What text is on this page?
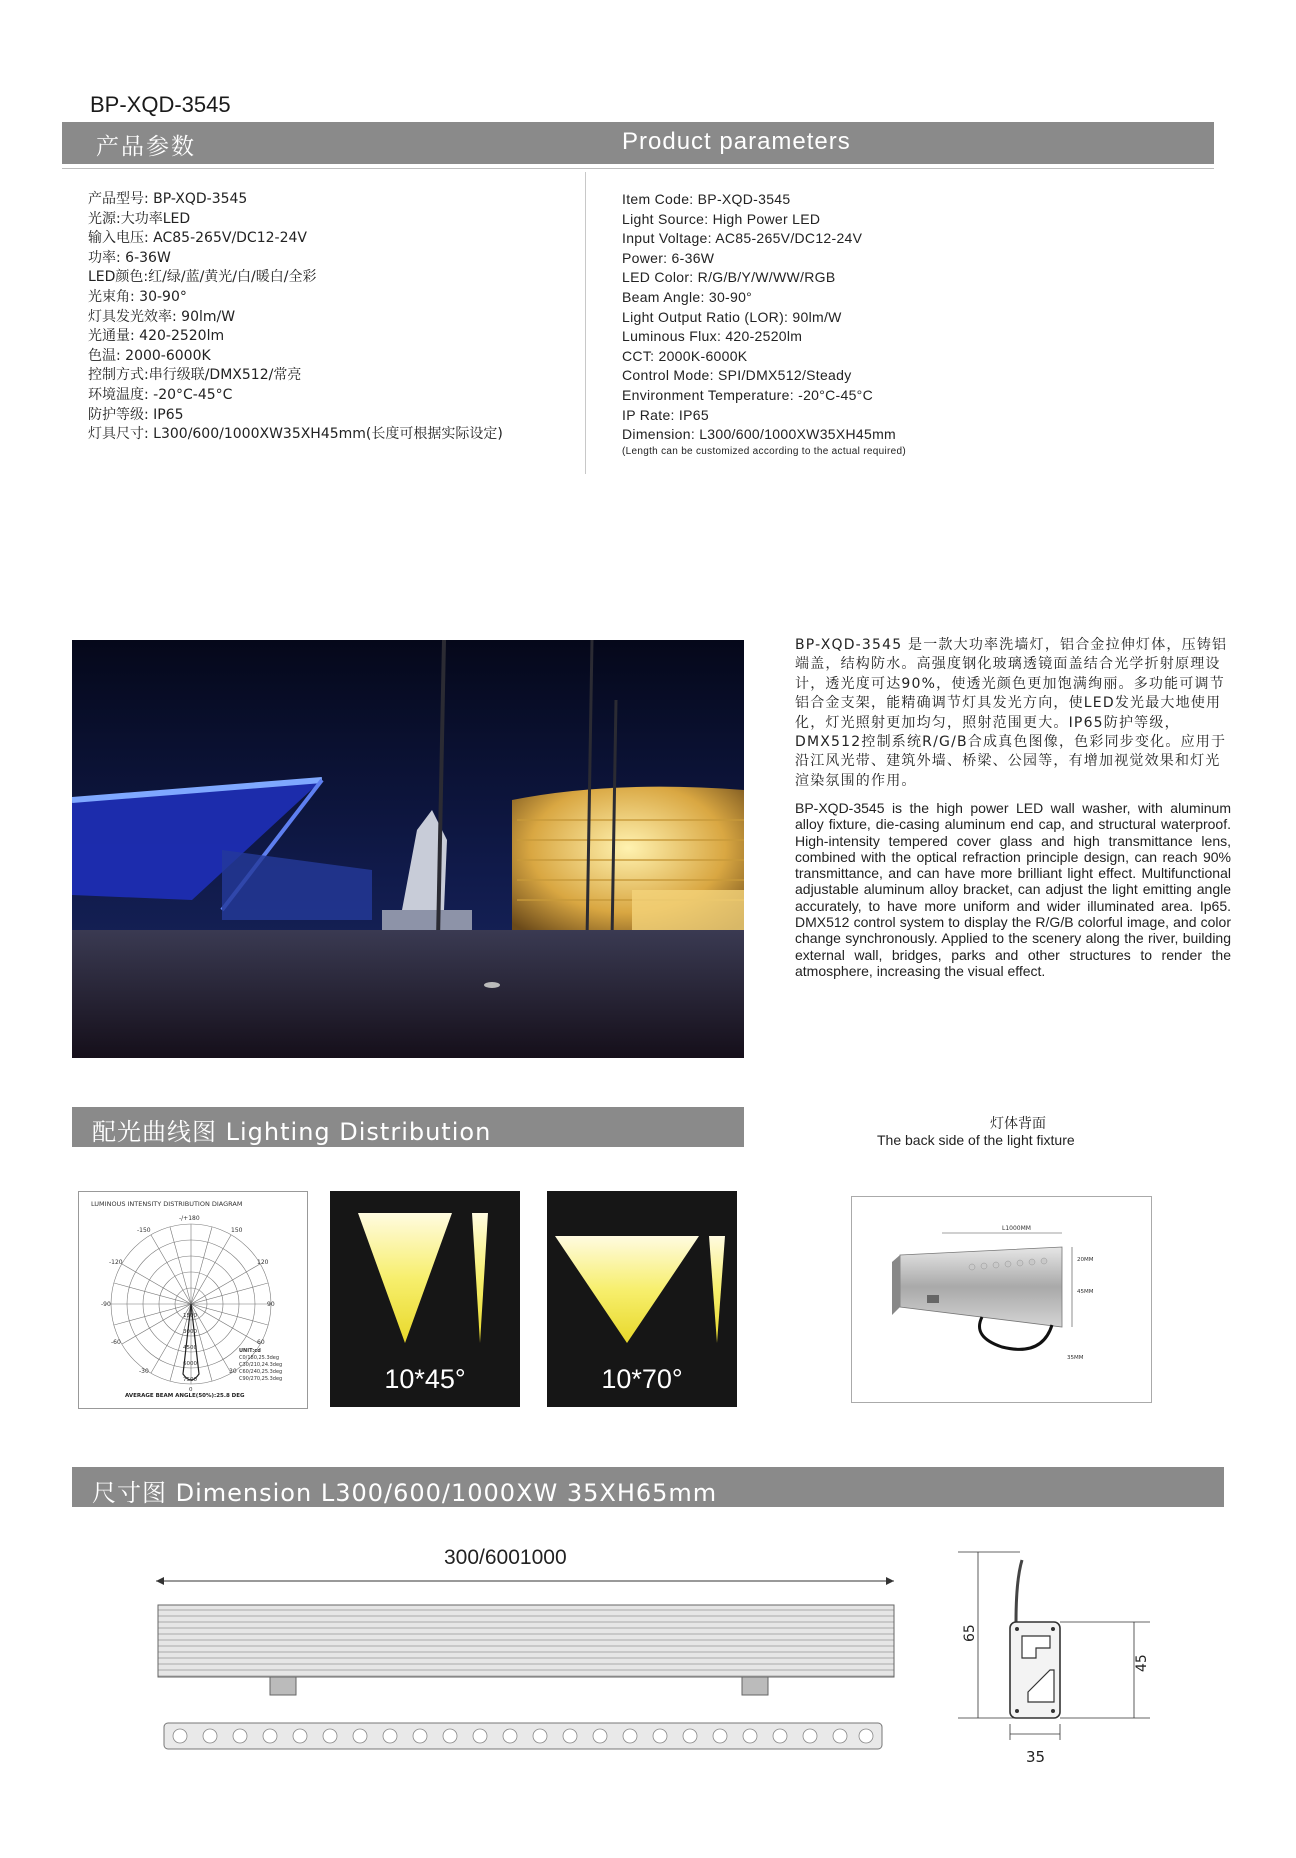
BP-XQD-3545
产品参数	Product parameters
产品型号: BP-XQD-3545
光源:大功率LED
输入电压: AC85-265V/DC12-24V
功率: 6-36W
LED颜色:红/绿/蓝/黄光/白/暖白/全彩
光束角: 30-90°
灯具发光效率: 90lm/W
光通量: 420-2520lm
色温: 2000-6000K
控制方式:串行级联/DMX512/常亮
环境温度: -20°C-45°C
防护等级: IP65
灯具尺寸: L300/600/1000XW35XH45mm(长度可根据实际设定)
Item Code: BP-XQD-3545
Light Source: High Power LED
Input Voltage: AC85-265V/DC12-24V
Power: 6-36W
LED Color: R/G/B/Y/W/WW/RGB
Beam Angle: 30-90°
Light Output Ratio (LOR): 90lm/W
Luminous Flux: 420-2520lm
CCT: 2000K-6000K
Control Mode: SPI/DMX512/Steady
Environment Temperature: -20°C-45°C
IP Rate: IP65
Dimension: L300/600/1000XW35XH45mm
(Length can be customized according to the actual required)
BP-XQD-3545 是一款大功率洗墙灯，铝合金拉伸灯体，压铸铝端盖，结构防水。高强度钢化玻璃透镜面盖结合光学折射原理设计，透光度可达90%，使透光颜色更加饱满绚丽。多功能可调节铝合金支架，能精确调节灯具发光方向，使LED发光最大地使用化，灯光照射更加均匀，照射范围更大。IP65防护等级，DMX512控制系统R/G/B合成真色图像，色彩同步变化。应用于沿江风光带、建筑外墙、桥梁、公园等，有增加视觉效果和灯光渲染氛围的作用。
BP-XQD-3545 is the high power LED wall washer, with aluminum alloy fixture, die-casing aluminum end cap, and structural waterproof. High-intensity tempered cover glass and high transmittance lens, combined with the optical refraction principle design, can reach 90% transmittance, and can have more brilliant light effect. Multifunctional adjustable aluminum alloy bracket, can adjust the light emitting angle accurately, to have more uniform and wider illuminated area. Ip65. DMX512 control system to display the R/G/B colorful image, and color change synchronously. Applied to the scenery along the river, building external wall, bridges, parks and other structures to render the atmosphere, increasing the visual effect.
配光曲线图 Lighting Distribution	灯体背面
The back side of the light fixture
LUMINOUS INTENSITY DISTRIBUTION DIAGRAM
-/+180
-150
-120
-90
-60
-30
150
120
90
60
30
1500
3000
4500
6000
7500
0
UNIT:cd
C0/180,25.3deg
C30/210,24.3deg
C60/240,25.3deg
C90/270,25.3deg
AVERAGE BEAM ANGLE(50%):25.8 DEG
10*45°	10*70°
L1000MM
20MM
45MM
35MM
尺寸图 Dimension L300/600/1000XW 35XH65mm
300/6001000
65
45
35
